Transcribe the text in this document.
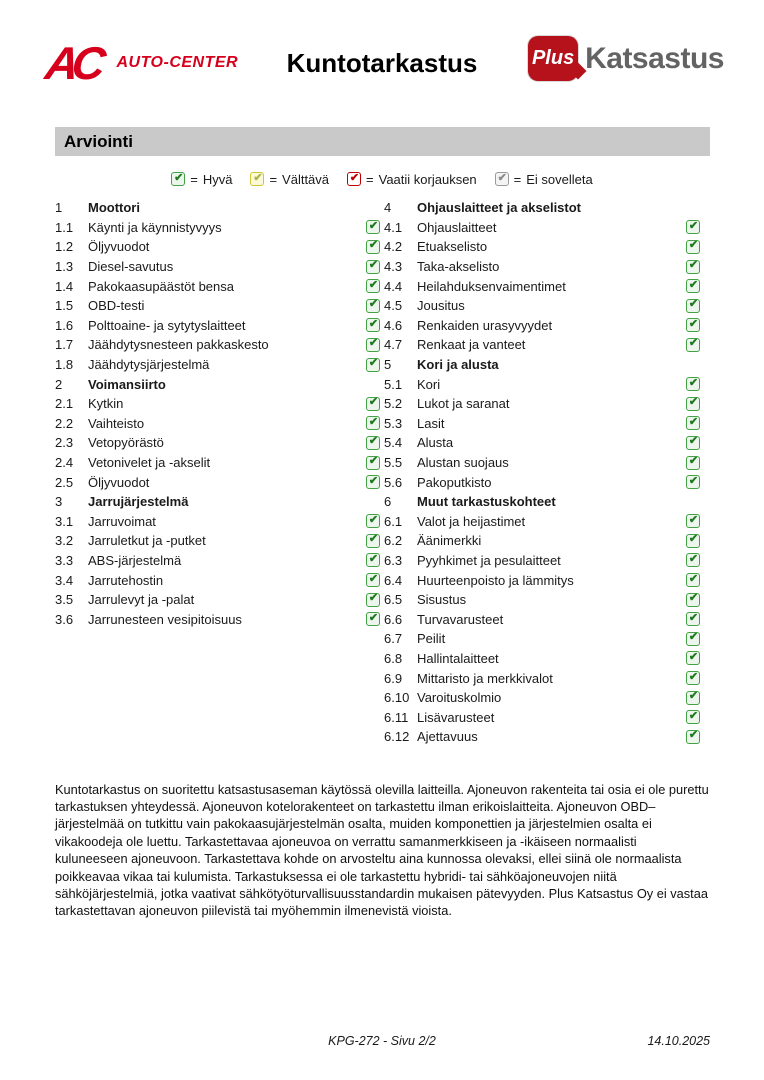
AC AUTO-CENTER	Kuntotarkastus	Plus Katsastus
Arviointi
✔ = Hyvä ✔ = Välttävä ✔ = Vaatii korjauksen ✔ = Ei sovelleta
1	Moottori
1.1	Käynti ja käynnistyvyys	✔
1.2	Öljyvuodot	✔
1.3	Diesel-savutus	✔
1.4	Pakokaasupäästöt bensa	✔
1.5	OBD-testi	✔
1.6	Polttoaine- ja sytytyslaitteet	✔
1.7	Jäähdytysnesteen pakkaskesto	✔
1.8	Jäähdytysjärjestelmä	✔
2	Voimansiirto
2.1	Kytkin	✔
2.2	Vaihteisto	✔
2.3	Vetopyörästö	✔
2.4	Vetonivelet ja -akselit	✔
2.5	Öljyvuodot	✔
3	Jarrujärjestelmä
3.1	Jarruvoimat	✔
3.2	Jarruletkut ja -putket	✔
3.3	ABS-järjestelmä	✔
3.4	Jarrutehostin	✔
3.5	Jarrulevyt ja -palat	✔
3.6	Jarrunesteen vesipitoisuus	✔
4	Ohjauslaitteet ja akselistot
4.1	Ohjauslaitteet	✔
4.2	Etuakselisto	✔
4.3	Taka-akselisto	✔
4.4	Heilahduksenvaimentimet	✔
4.5	Jousitus	✔
4.6	Renkaiden urasyvyydet	✔
4.7	Renkaat ja vanteet	✔
5	Kori ja alusta
5.1	Kori	✔
5.2	Lukot ja saranat	✔
5.3	Lasit	✔
5.4	Alusta	✔
5.5	Alustan suojaus	✔
5.6	Pakoputkisto	✔
6	Muut tarkastuskohteet
6.1	Valot ja heijastimet	✔
6.2	Äänimerkki	✔
6.3	Pyyhkimet ja pesulaitteet	✔
6.4	Huurteenpoisto ja lämmitys	✔
6.5	Sisustus	✔
6.6	Turvavarusteet	✔
6.7	Peilit	✔
6.8	Hallintalaitteet	✔
6.9	Mittaristo ja merkkivalot	✔
6.10 Varoituskolmio	✔
6.11 Lisävarusteet	✔
6.12 Ajettavuus	✔
Kuntotarkastus on suoritettu katsastusaseman käytössä olevilla laitteilla. Ajoneuvon rakenteita tai osia ei ole purettu tarkastuksen yhteydessä. Ajoneuvon kotelorakenteet on tarkastettu ilman erikoislaitteita. Ajoneuvon OBD–järjestelmää on tutkittu vain pakokaasujärjestelmän osalta, muiden komponettien ja järjestelmien osalta ei vikakoodeja ole luettu. Tarkastettavaa ajoneuvoa on verrattu samanmerkkiseen ja -ikäiseen normaalisti kuluneeseen ajoneuvoon. Tarkastettava kohde on arvosteltu aina kunnossa olevaksi, ellei siinä ole normaalista poikkeavaa vikaa tai kulumista. Tarkastuksessa ei ole tarkastettu hybridi- tai sähköajoneuvojen niitä sähköjärjestelmiä, jotka vaativat sähkötyöturvallisuusstandardin mukaisen pätevyyden. Plus Katsastus Oy ei vastaa tarkastettavan ajoneuvon piilevistä tai myöhemmin ilmenevistä vioista.
KPG-272 - Sivu 2/2	14.10.2025
